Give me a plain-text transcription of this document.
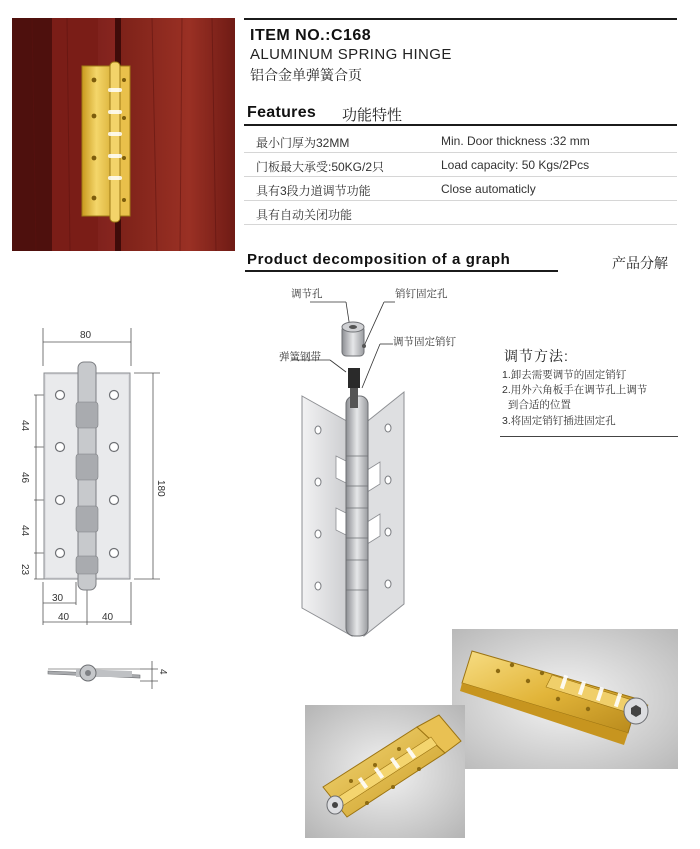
ITEM NO.:C168
ALUMINUM SPRING HINGE
铝合金单弹簧合页
Features 功能特性
最小门厚为32MM	Min. Door thickness :32 mm
门板最大承受:50KG/2只	Load capacity: 50 Kgs/2Pcs
具有3段力道调节功能	Close automaticly
具有自动关闭功能
Product decomposition of a graph	产品分解
80
180
44
46
44
23
30
40	40
4
调节孔	销钉固定孔
调节固定销钉
弹簧钢带	调节方法:
1.卸去需要调节的固定销钉
2.用外六角板手在调节孔上调节
到合适的位置
3.将固定销钉插进固定孔
